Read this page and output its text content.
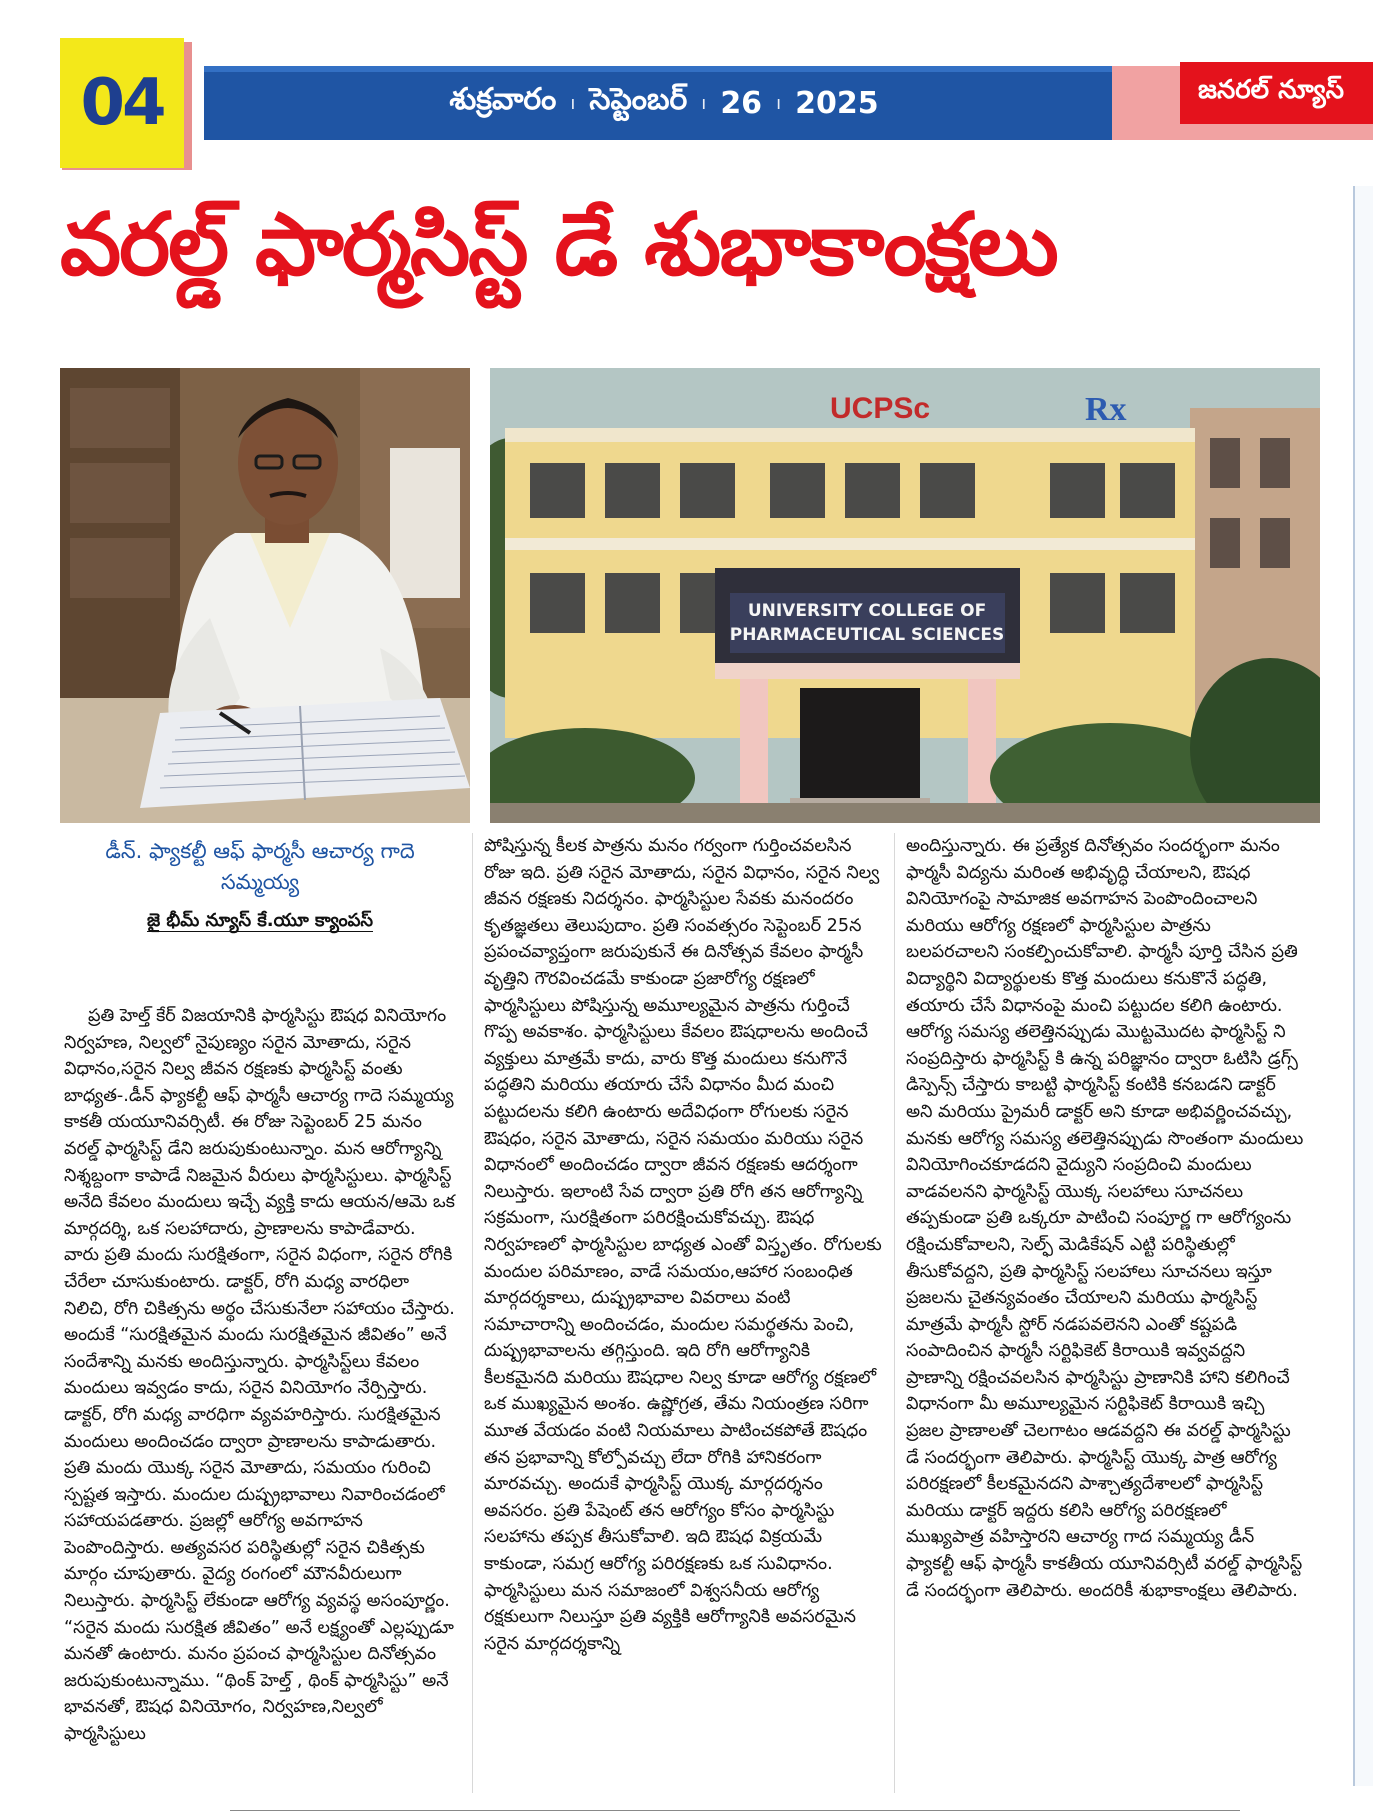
04	శుక్రవారం ı సెప్టెంబర్ ı 26 ı 2025	జనరల్ న్యూస్
వరల్డ్ ఫార్మసిస్ట్ డే శుభాకాంక్షలు
UCPSc	Rx
UNIVERSITY COLLEGE OF
PHARMACEUTICAL SCIENCES
డీన్. ఫ్యాకల్టీ ఆఫ్ ఫార్మసీ ఆచార్య గాదె సమ్మయ్య
జై భీమ్ న్యూస్ కే.యూ క్యాంపస్
ప్రతి హెల్త్ కేర్ విజయానికి ఫార్మసిస్టు ఔషధ వినియోగం నిర్వహణ, నిల్వలో నైపుణ్యం సరైన మోతాదు, సరైన విధానం,సరైన నిల్వ జీవన రక్షణకు ఫార్మసిస్ట్ వంతు బాధ్యత-.డీన్ ఫ్యాకల్టీ ఆఫ్ ఫార్మసీ ఆచార్య గాదె సమ్మయ్య కాకతీ యయూనివర్సిటీ. ఈ రోజు సెప్టెంబర్ 25 మనం వరల్డ్ ఫార్మసిస్ట్ డేని జరుపుకుంటున్నాం. మన ఆరోగ్యాన్ని నిశ్శబ్దంగా కాపాడే నిజమైన వీరులు ఫార్మసిస్టులు. ఫార్మసిస్ట్ అనేది కేవలం మందులు ఇచ్చే వ్యక్తి కాదు ఆయన/ఆమె ఒక మార్గదర్శి, ఒక సలహాదారు, ప్రాణాలను కాపాడేవారు. వారు ప్రతి మందు సురక్షితంగా, సరైన విధంగా, సరైన రోగికి చేరేలా చూసుకుంటారు. డాక్టర్, రోగి మధ్య వారధిలా నిలిచి, రోగి చికిత్సను అర్థం చేసుకునేలా సహాయం చేస్తారు. అందుకే “సురక్షితమైన మందు సురక్షితమైన జీవితం” అనే సందేశాన్ని మనకు అందిస్తున్నారు. ఫార్మసిస్ట్‌లు కేవలం మందులు ఇవ్వడం కాదు, సరైన వినియోగం నేర్పిస్తారు. డాక్టర్, రోగి మధ్య వారధిగా వ్యవహరిస్తారు. సురక్షితమైన మందులు అందించడం ద్వారా ప్రాణాలను కాపాడుతారు. ప్రతి మందు యొక్క సరైన మోతాదు, సమయం గురించి స్పష్టత ఇస్తారు. మందుల దుష్ప్రభావాలు నివారించడంలో సహాయపడతారు. ప్రజల్లో ఆరోగ్య అవగాహన పెంపొందిస్తారు. అత్యవసర పరిస్థితుల్లో సరైన చికిత్సకు మార్గం చూపుతారు. వైద్య రంగంలో మౌనవీరులుగా నిలుస్తారు. ఫార్మసిస్ట్ లేకుండా ఆరోగ్య వ్యవస్థ అసంపూర్ణం. “సరైన మందు సురక్షిత జీవితం” అనే లక్ష్యంతో ఎల్లప్పుడూ మనతో ఉంటారు. మనం ప్రపంచ ఫార్మసిస్టుల దినోత్సవం జరుపుకుంటున్నాము. “థింక్ హెల్త్ , థింక్ ఫార్మసిస్టు” అనే భావనతో, ఔషధ వినియోగం, నిర్వహణ,నిల్వలో ఫార్మసిస్టులు
పోషిస్తున్న కీలక పాత్రను మనం గర్వంగా గుర్తించవలసిన రోజు ఇది. ప్రతి సరైన మోతాదు, సరైన విధానం, సరైన నిల్వ జీవన రక్షణకు నిదర్శనం. ఫార్మసిస్టుల సేవకు మనందరం కృతజ్ఞతలు తెలుపుదాం. ప్రతి సంవత్సరం సెప్టెంబర్ 25న ప్రపంచవ్యాప్తంగా జరుపుకునే ఈ దినోత్సవ కేవలం ఫార్మసీ వృత్తిని గౌరవించడమే కాకుండా ప్రజారోగ్య రక్షణలో ఫార్మసిస్టులు పోషిస్తున్న అమూల్యమైన పాత్రను గుర్తించే గొప్ప అవకాశం. ఫార్మసిస్టులు కేవలం ఔషధాలను అందించే వ్యక్తులు మాత్రమే కాదు, వారు కొత్త మందులు కనుగొనే పద్ధతిని మరియు తయారు చేసే విధానం మీద మంచి పట్టుదలను కలిగి ఉంటారు అదేవిధంగా రోగులకు సరైన ఔషధం, సరైన మోతాదు, సరైన సమయం మరియు సరైన విధానంలో అందించడం ద్వారా జీవన రక్షణకు ఆదర్శంగా నిలుస్తారు. ఇలాంటి సేవ ద్వారా ప్రతి రోగి తన ఆరోగ్యాన్ని సక్రమంగా, సురక్షితంగా పరిరక్షించుకోవచ్చు. ఔషధ నిర్వహణలో ఫార్మసిస్టుల బాధ్యత ఎంతో విస్తృతం. రోగులకు మందుల పరిమాణం, వాడే సమయం,ఆహార సంబంధిత మార్గదర్శకాలు, దుష్ప్రభావాల వివరాలు వంటి సమాచారాన్ని అందించడం, మందుల సమర్థతను పెంచి, దుష్ప్రభావాలను తగ్గిస్తుంది. ఇది రోగి ఆరోగ్యానికి కీలకమైనది మరియు ఔషధాల నిల్వ కూడా ఆరోగ్య రక్షణలో ఒక ముఖ్యమైన అంశం. ఉష్ణోగ్రత, తేమ నియంత్రణ సరిగా మూత వేయడం వంటి నియమాలు పాటించకపోతే ఔషధం తన ప్రభావాన్ని కోల్పోవచ్చు లేదా రోగికి హానికరంగా మారవచ్చు. అందుకే ఫార్మసిస్ట్ యొక్క మార్గదర్శనం అవసరం. ప్రతి పేషెంట్ తన ఆరోగ్యం కోసం ఫార్మసిస్టు సలహాను తప్పక తీసుకోవాలి. ఇది ఔషధ విక్రయమే కాకుండా, సమగ్ర ఆరోగ్య పరిరక్షణకు ఒక సువిధానం. ఫార్మసిస్టులు మన సమాజంలో విశ్వసనీయ ఆరోగ్య రక్షకులుగా నిలుస్తూ ప్రతి వ్యక్తికి ఆరోగ్యానికి అవసరమైన సరైన మార్గదర్శకాన్ని
అందిస్తున్నారు. ఈ ప్రత్యేక దినోత్సవం సందర్భంగా మనం ఫార్మసీ విద్యను మరింత అభివృద్ధి చేయాలని, ఔషధ వినియోగంపై సామాజిక అవగాహన పెంపొందించాలని మరియు ఆరోగ్య రక్షణలో ఫార్మసిస్టుల పాత్రను బలపరచాలని సంకల్పించుకోవాలి. ఫార్మసీ పూర్తి చేసిన ప్రతి విద్యార్థిని విద్యార్థులకు కొత్త మందులు కనుకొనే పద్ధతి, తయారు చేసే విధానంపై మంచి పట్టుదల కలిగి ఉంటారు. ఆరోగ్య సమస్య తలెత్తినప్పుడు మొట్టమొదట ఫార్మసిస్ట్ ని సంప్రదిస్తారు ఫార్మసిస్ట్ కి ఉన్న పరిజ్ఞానం ద్వారా ఓటిసి డ్రగ్స్ డిస్పెన్స్ చేస్తారు కాబట్టి ఫార్మసిస్ట్ కంటికి కనబడని డాక్టర్ అని మరియు ప్రైమరీ డాక్టర్ అని కూడా అభివర్ణించవచ్చు, మనకు ఆరోగ్య సమస్య తలెత్తినప్పుడు సొంతంగా మందులు వినియోగించకూడదని వైద్యుని సంప్రదించి మందులు వాడవలనని ఫార్మసిస్ట్ యొక్క సలహాలు సూచనలు తప్పకుండా ప్రతి ఒక్కరూ పాటించి సంపూర్ణ గా ఆరోగ్యంను రక్షించుకోవాలని, సెల్ఫ్ మెడికేషన్ ఎట్టి పరిస్థితుల్లో తీసుకోవద్దని, ప్రతి ఫార్మసిస్ట్ సలహాలు సూచనలు ఇస్తూ ప్రజలను చైతన్యవంతం చేయాలని మరియు ఫార్మసిస్ట్ మాత్రమే ఫార్మసీ స్టోర్ నడపవలెనని ఎంతో కష్టపడి సంపాదించిన ఫార్మసీ సర్టిఫికెట్ కిరాయికి ఇవ్వవద్దని ప్రాణాన్ని రక్షించవలసిన ఫార్మసిస్టు ప్రాణానికి హాని కలిగించే విధానంగా మీ అమూల్యమైన సర్టిఫికెట్ కిరాయికి ఇచ్చి ప్రజల ప్రాణాలతో చెలగాటం ఆడవద్దని ఈ వరల్డ్ ఫార్మసిస్టు డే సందర్భంగా తెలిపారు. ఫార్మసిస్ట్ యొక్క పాత్ర ఆరోగ్య పరిరక్షణలో కీలకమైనదని పాశ్చాత్యదేశాలలో ఫార్మసిస్ట్ మరియు డాక్టర్ ఇద్దరు కలిసి ఆరోగ్య పరిరక్షణలో ముఖ్యపాత్ర వహిస్తారని ఆచార్య గాద సమ్మయ్య డీన్ ఫ్యాకల్టీ ఆఫ్ ఫార్మసీ కాకతీయ యూనివర్సిటీ వరల్డ్ ఫార్మసిస్ట్ డే సందర్భంగా తెలిపారు. అందరికీ శుభాకాంక్షలు తెలిపారు.
